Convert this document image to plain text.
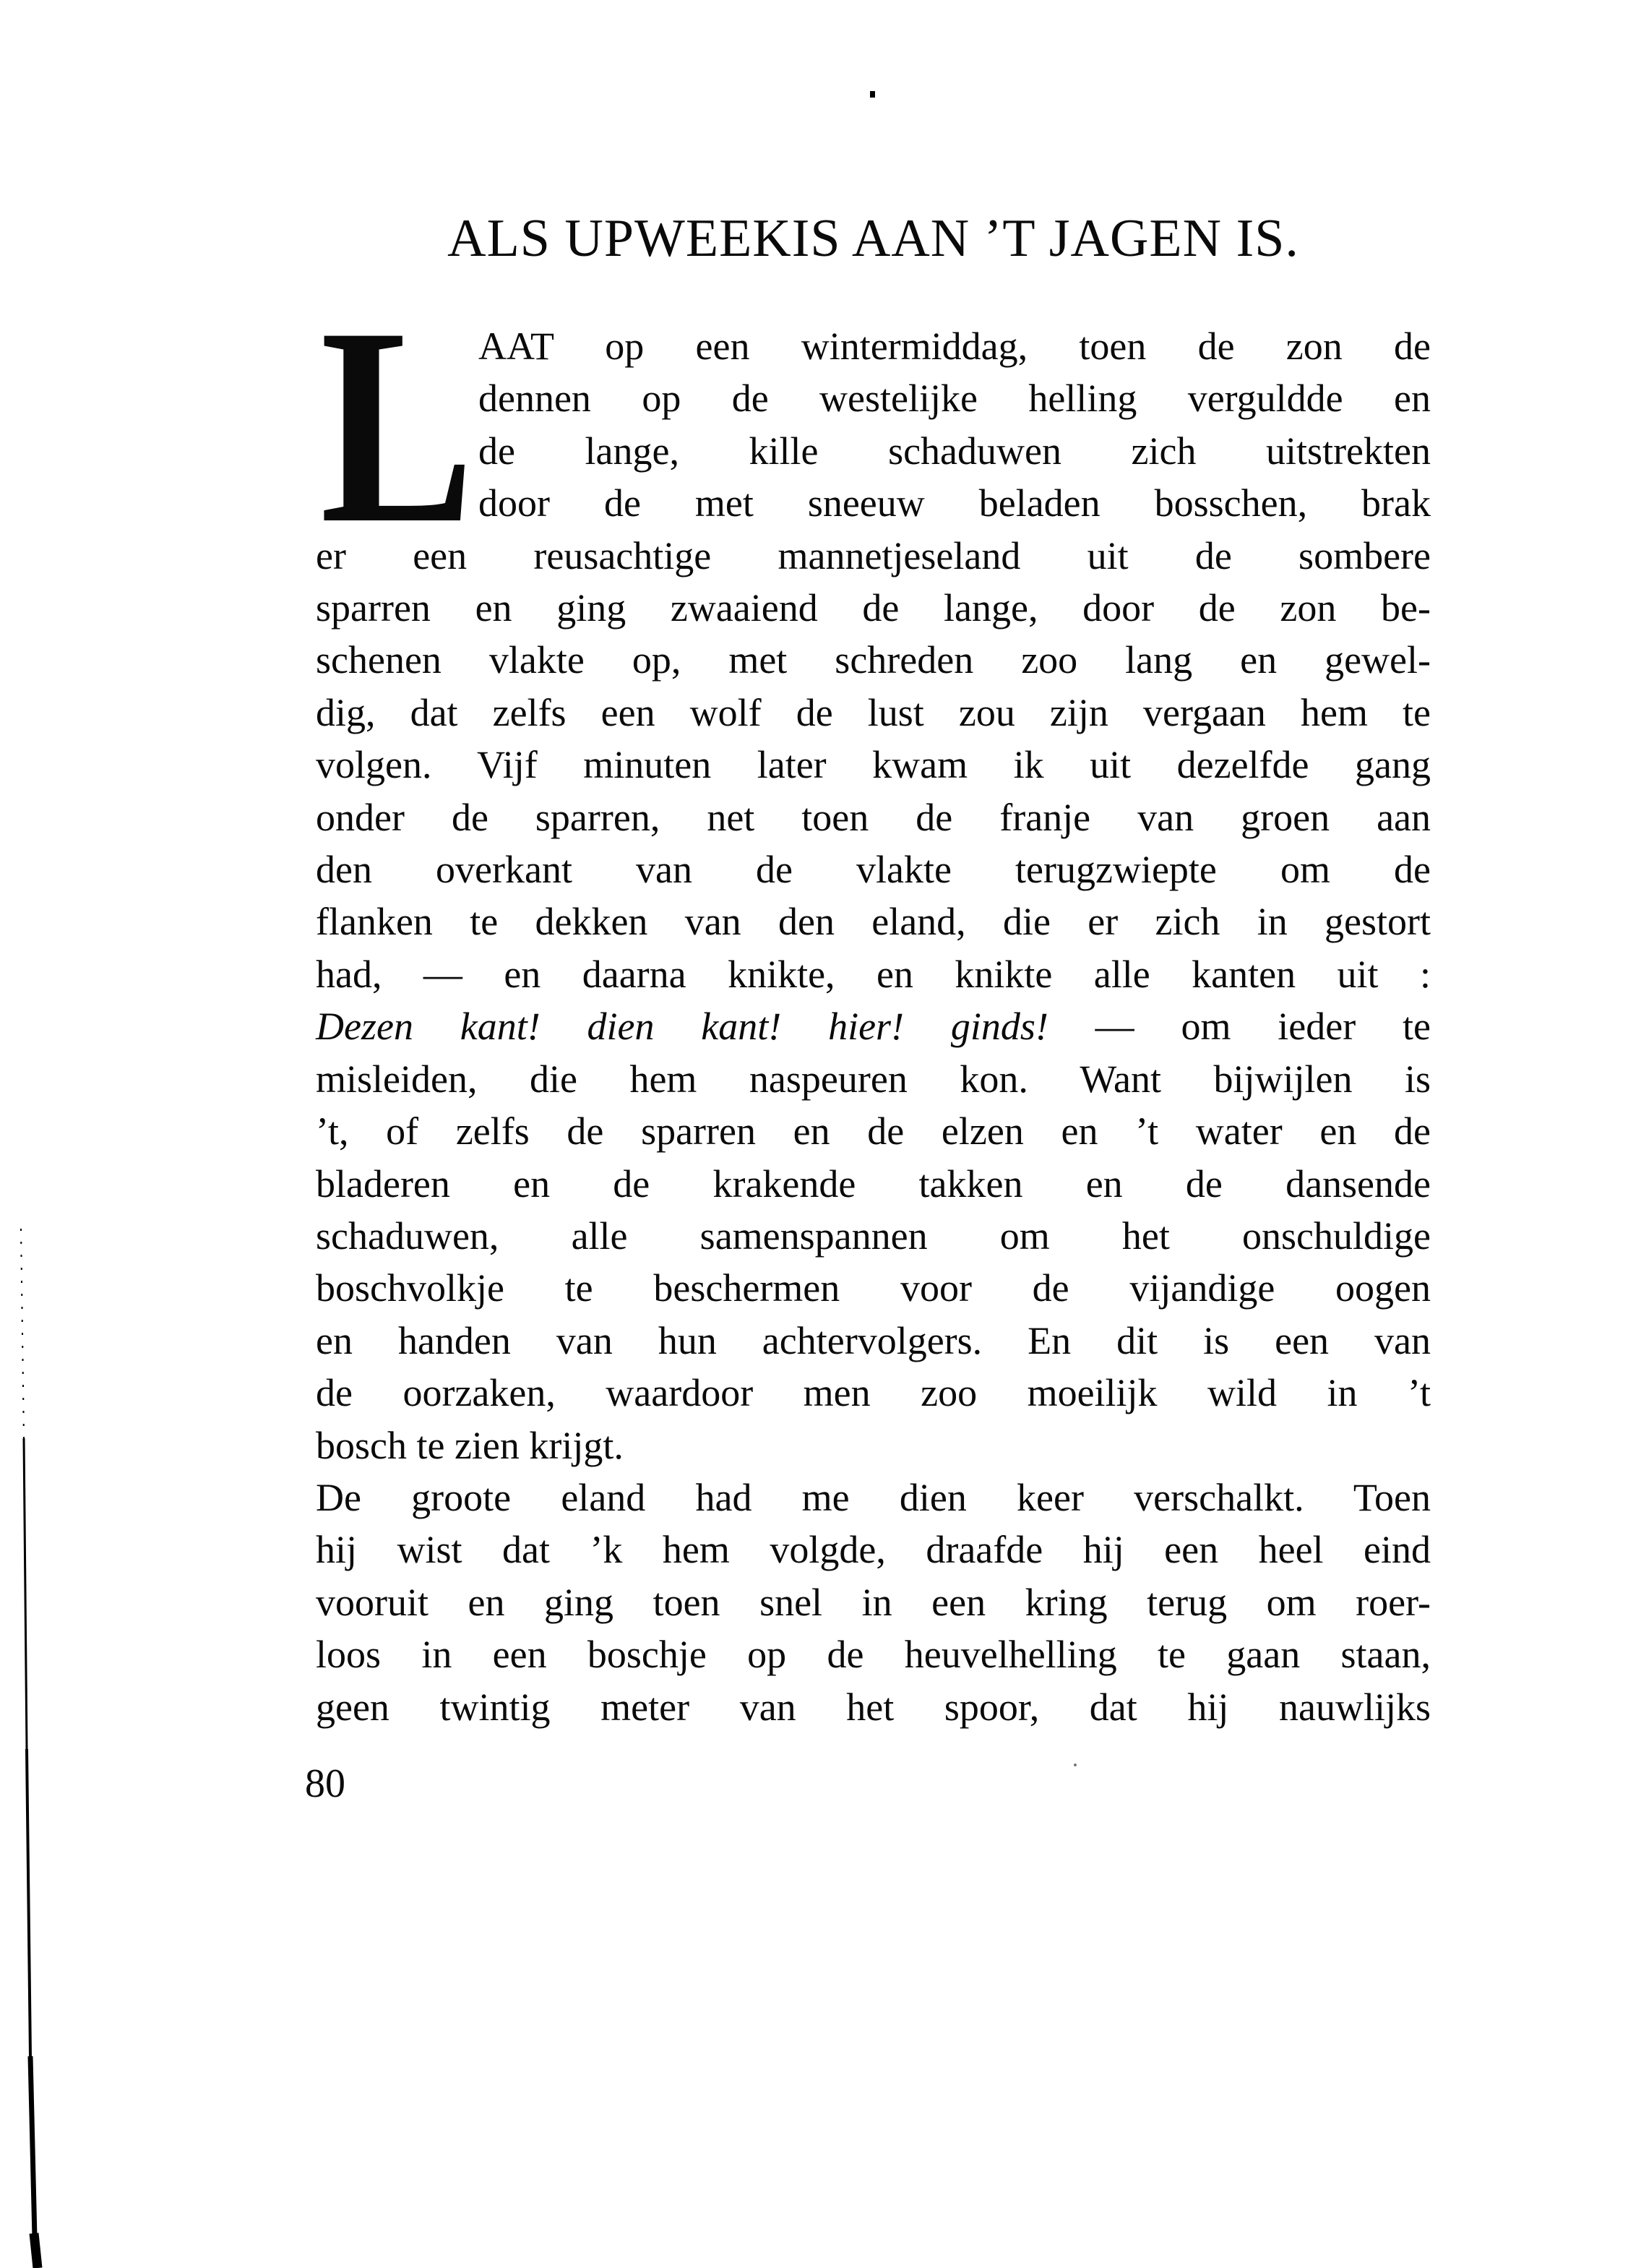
ALS UPWEEKIS AAN ’T JAGEN IS.
L AAT op een wintermiddag, toen de zon de
dennen op de westelijke helling verguldde en
de lange, kille schaduwen zich uitstrekten
door de met sneeuw beladen bosschen, brak
er een reusachtige mannetjeseland uit de sombere
sparren en ging zwaaiend de lange, door de zon be-
schenen vlakte op, met schreden zoo lang en gewel-
dig, dat zelfs een wolf de lust zou zijn vergaan hem te
volgen. Vijf minuten later kwam ik uit dezelfde gang
onder de sparren, net toen de franje van groen aan
den overkant van de vlakte terugzwiepte om de
flanken te dekken van den eland, die er zich in gestort
had, — en daarna knikte, en knikte alle kanten uit :
Dezen kant! dien kant! hier! ginds! — om ieder te
misleiden, die hem naspeuren kon. Want bijwijlen is
’t, of zelfs de sparren en de elzen en ’t water en de
bladeren en de krakende takken en de dansende
schaduwen, alle samenspannen om het onschuldige
boschvolkje te beschermen voor de vijandige oogen
en handen van hun achtervolgers. En dit is een van
de oorzaken, waardoor men zoo moeilijk wild in ’t
bosch te zien krijgt.
De groote eland had me dien keer verschalkt. Toen
hij wist dat ’k hem volgde, draafde hij een heel eind
vooruit en ging toen snel in een kring terug om roer-
loos in een boschje op de heuvelhelling te gaan staan,
geen twintig meter van het spoor, dat hij nauwlijks
80
